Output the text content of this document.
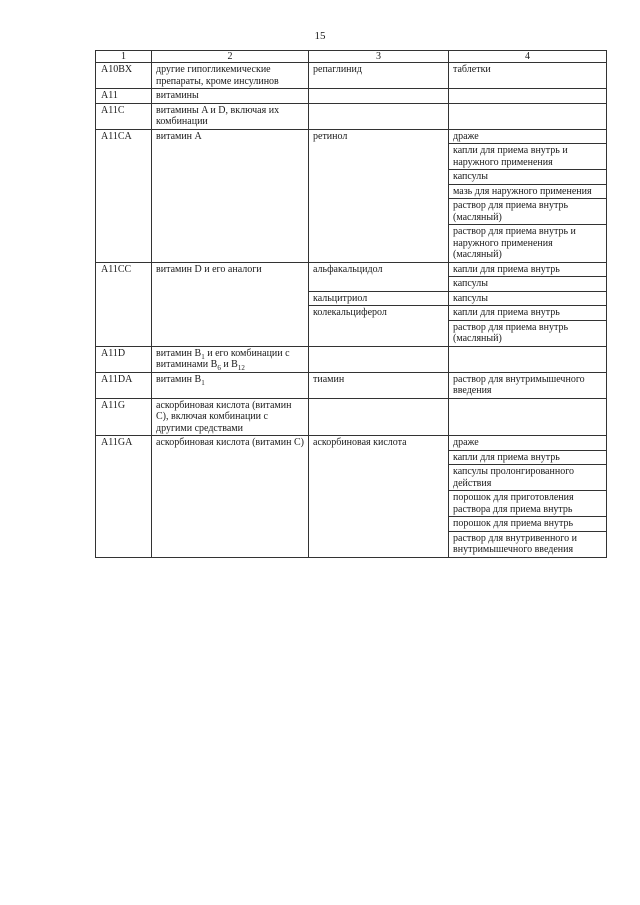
15
1	2	3	4
A10BX	другие гипогликемические препараты, кроме инсулинов	репаглинид	таблетки
A11	витамины		
A11C	витамины A и D, включая их комбинации		
A11CA	витамин A	ретинол	драже
			капли для приема внутрь и наружного применения
			капсулы
			мазь для наружного применения
			раствор для приема внутрь (масляный)
			раствор для приема внутрь и наружного применения (масляный)
A11CC	витамин D и его аналоги	альфакальцидол	капли для приема внутрь
			капсулы
		кальцитриол	капсулы
		колекальциферол	капли для приема внутрь
			раствор для приема внутрь (масляный)
A11D	витамин $B_1$ и его комбинации с витаминами $B_6$ и $B_{12}$		
A11DA	витамин $B_1$	тиамин	раствор для внутримышечного введения
A11G	аскорбиновая кислота (витамин С), включая комбинации с другими средствами		
A11GA	аскорбиновая кислота (витамин С)	аскорбиновая кислота	драже
			капли для приема внутрь
			капсулы пролонгированного действия
			порошок для приготовления раствора для приема внутрь
			порошок для приема внутрь
			раствор для внутривенного и внутримышечного введения
